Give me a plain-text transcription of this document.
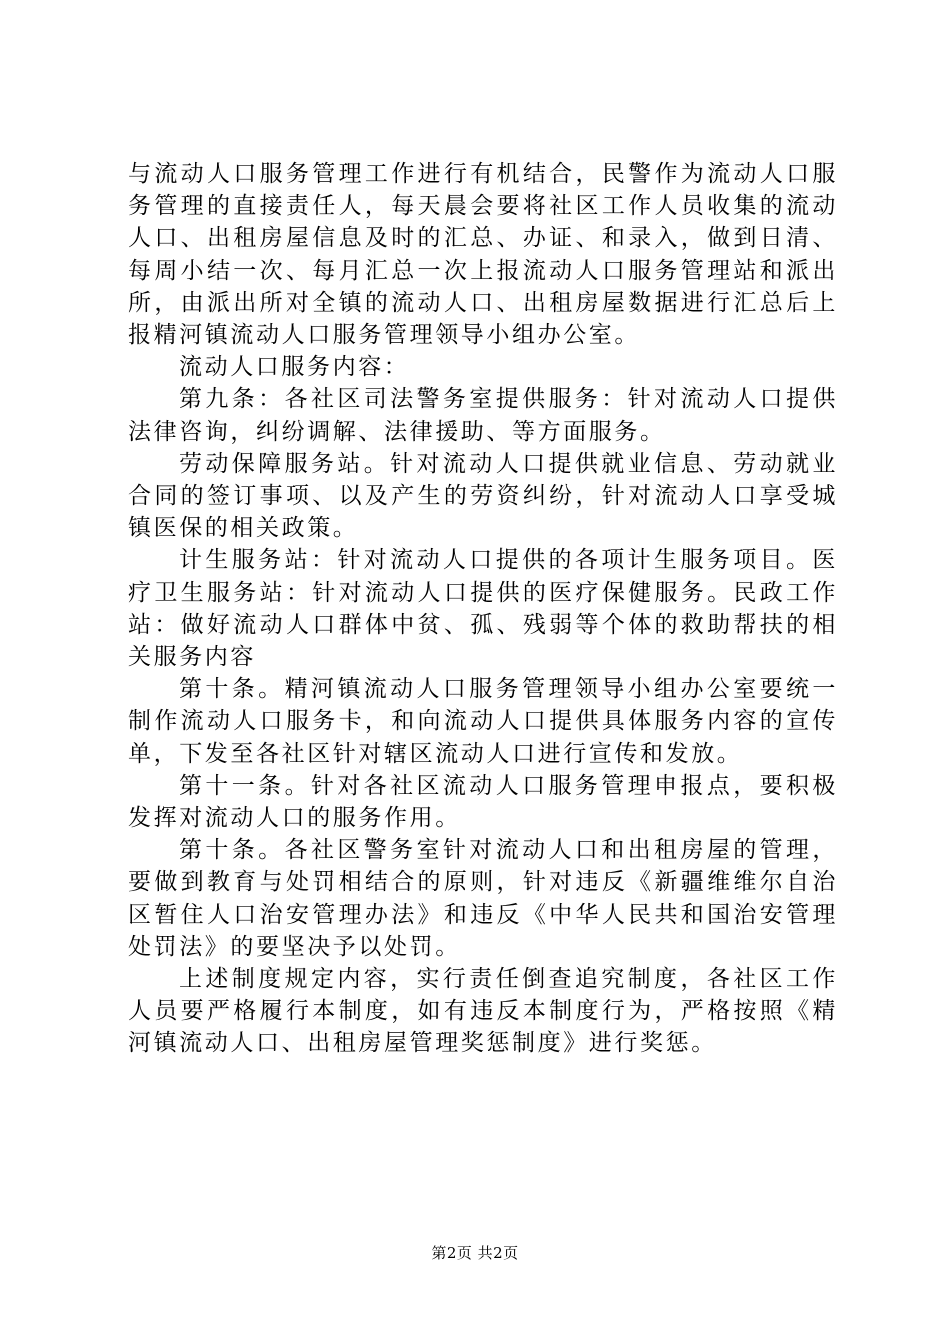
与流动人口服务管理工作进行有机结合，民警作为流动人口服务管理的直接责任人，每天晨会要将社区工作人员收集的流动人口、出租房屋信息及时的汇总、办证、和录入，做到日清、每周小结一次、每月汇总一次上报流动人口服务管理站和派出所，由派出所对全镇的流动人口、出租房屋数据进行汇总后上报精河镇流动人口服务管理领导小组办公室。

流动人口服务内容：

第九条：各社区司法警务室提供服务：针对流动人口提供法律咨询，纠纷调解、法律援助、等方面服务。

劳动保障服务站。针对流动人口提供就业信息、劳动就业合同的签订事项、以及产生的劳资纠纷，针对流动人口享受城镇医保的相关政策。

计生服务站：针对流动人口提供的各项计生服务项目。医疗卫生服务站：针对流动人口提供的医疗保健服务。民政工作站：做好流动人口群体中贫、孤、残弱等个体的救助帮扶的相关服务内容

第十条。精河镇流动人口服务管理领导小组办公室要统一制作流动人口服务卡，和向流动人口提供具体服务内容的宣传单，下发至各社区针对辖区流动人口进行宣传和发放。

第十一条。针对各社区流动人口服务管理申报点，要积极发挥对流动人口的服务作用。

第十条。各社区警务室针对流动人口和出租房屋的管理，要做到教育与处罚相结合的原则，针对违反《新疆维维尔自治区暂住人口治安管理办法》和违反《中华人民共和国治安管理处罚法》的要坚决予以处罚。

上述制度规定内容，实行责任倒查追究制度，各社区工作人员要严格履行本制度，如有违反本制度行为，严格按照《精河镇流动人口、出租房屋管理奖惩制度》进行奖惩。

第2页 共2页
